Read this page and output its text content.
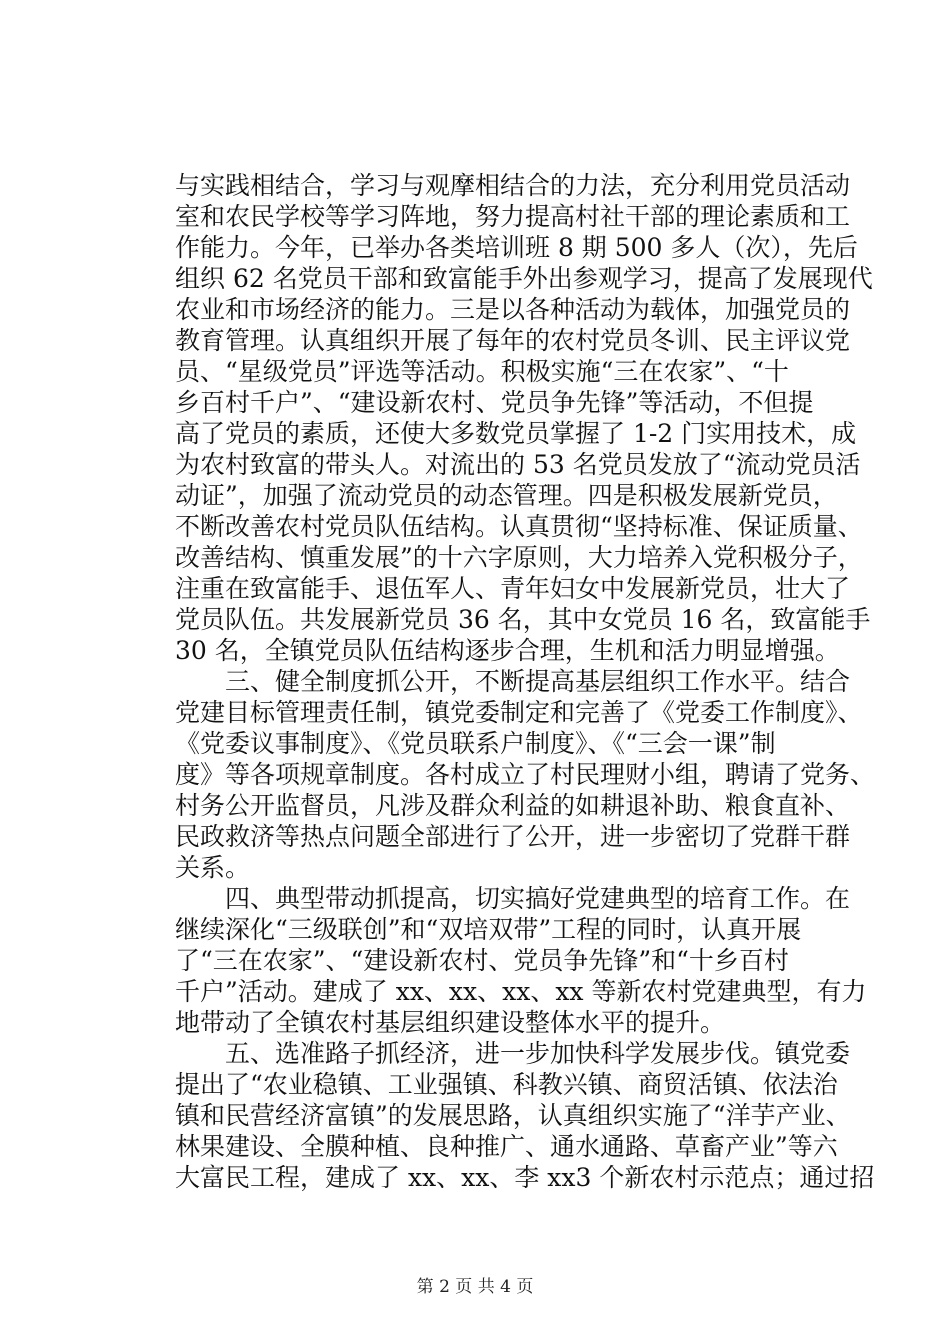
与实践相结合，学习与观摩相结合的力法，充分利用党员活动
室和农民学校等学习阵地，努力提高村社干部的理论素质和工
作能力。今年，已举办各类培训班 8 期 500 多人（次），先后
组织 62 名党员干部和致富能手外出参观学习，提高了发展现代
农业和市场经济的能力。三是以各种活动为载体，加强党员的
教育管理。认真组织开展了每年的农村党员冬训、民主评议党
员、“星级党员”评选等活动。积极实施“三在农家”、“十
乡百村千户”、“建设新农村、党员争先锋”等活动，不但提
高了党员的素质，还使大多数党员掌握了 1-2 门实用技术，成
为农村致富的带头人。对流出的 53 名党员发放了“流动党员活
动证”，加强了流动党员的动态管理。四是积极发展新党员，
不断改善农村党员队伍结构。认真贯彻“坚持标准、保证质量、
改善结构、慎重发展”的十六字原则，大力培养入党积极分子，
注重在致富能手、退伍军人、青年妇女中发展新党员，壮大了
党员队伍。共发展新党员 36 名，其中女党员 16 名，致富能手
30 名，全镇党员队伍结构逐步合理，生机和活力明显增强。
　　三、健全制度抓公开，不断提高基层组织工作水平。结合
党建目标管理责任制，镇党委制定和完善了《党委工作制度》、
《党委议事制度》、《党员联系户制度》、《“三会一课”制
度》等各项规章制度。各村成立了村民理财小组，聘请了党务、
村务公开监督员，凡涉及群众利益的如耕退补助、粮食直补、
民政救济等热点问题全部进行了公开，进一步密切了党群干群
关系。
　　四、典型带动抓提高，切实搞好党建典型的培育工作。在
继续深化“三级联创”和“双培双带”工程的同时，认真开展
了“三在农家”、“建设新农村、党员争先锋”和“十乡百村
千户”活动。建成了 xx、xx、xx、xx 等新农村党建典型，有力
地带动了全镇农村基层组织建设整体水平的提升。
　　五、选准路子抓经济，进一步加快科学发展步伐。镇党委
提出了“农业稳镇、工业强镇、科教兴镇、商贸活镇、依法治
镇和民营经济富镇”的发展思路，认真组织实施了“洋芋产业、
林果建设、全膜种植、良种推广、通水通路、草畜产业”等六
大富民工程，建成了 xx、xx、李 xx3 个新农村示范点；通过招
第 2 页 共 4 页
